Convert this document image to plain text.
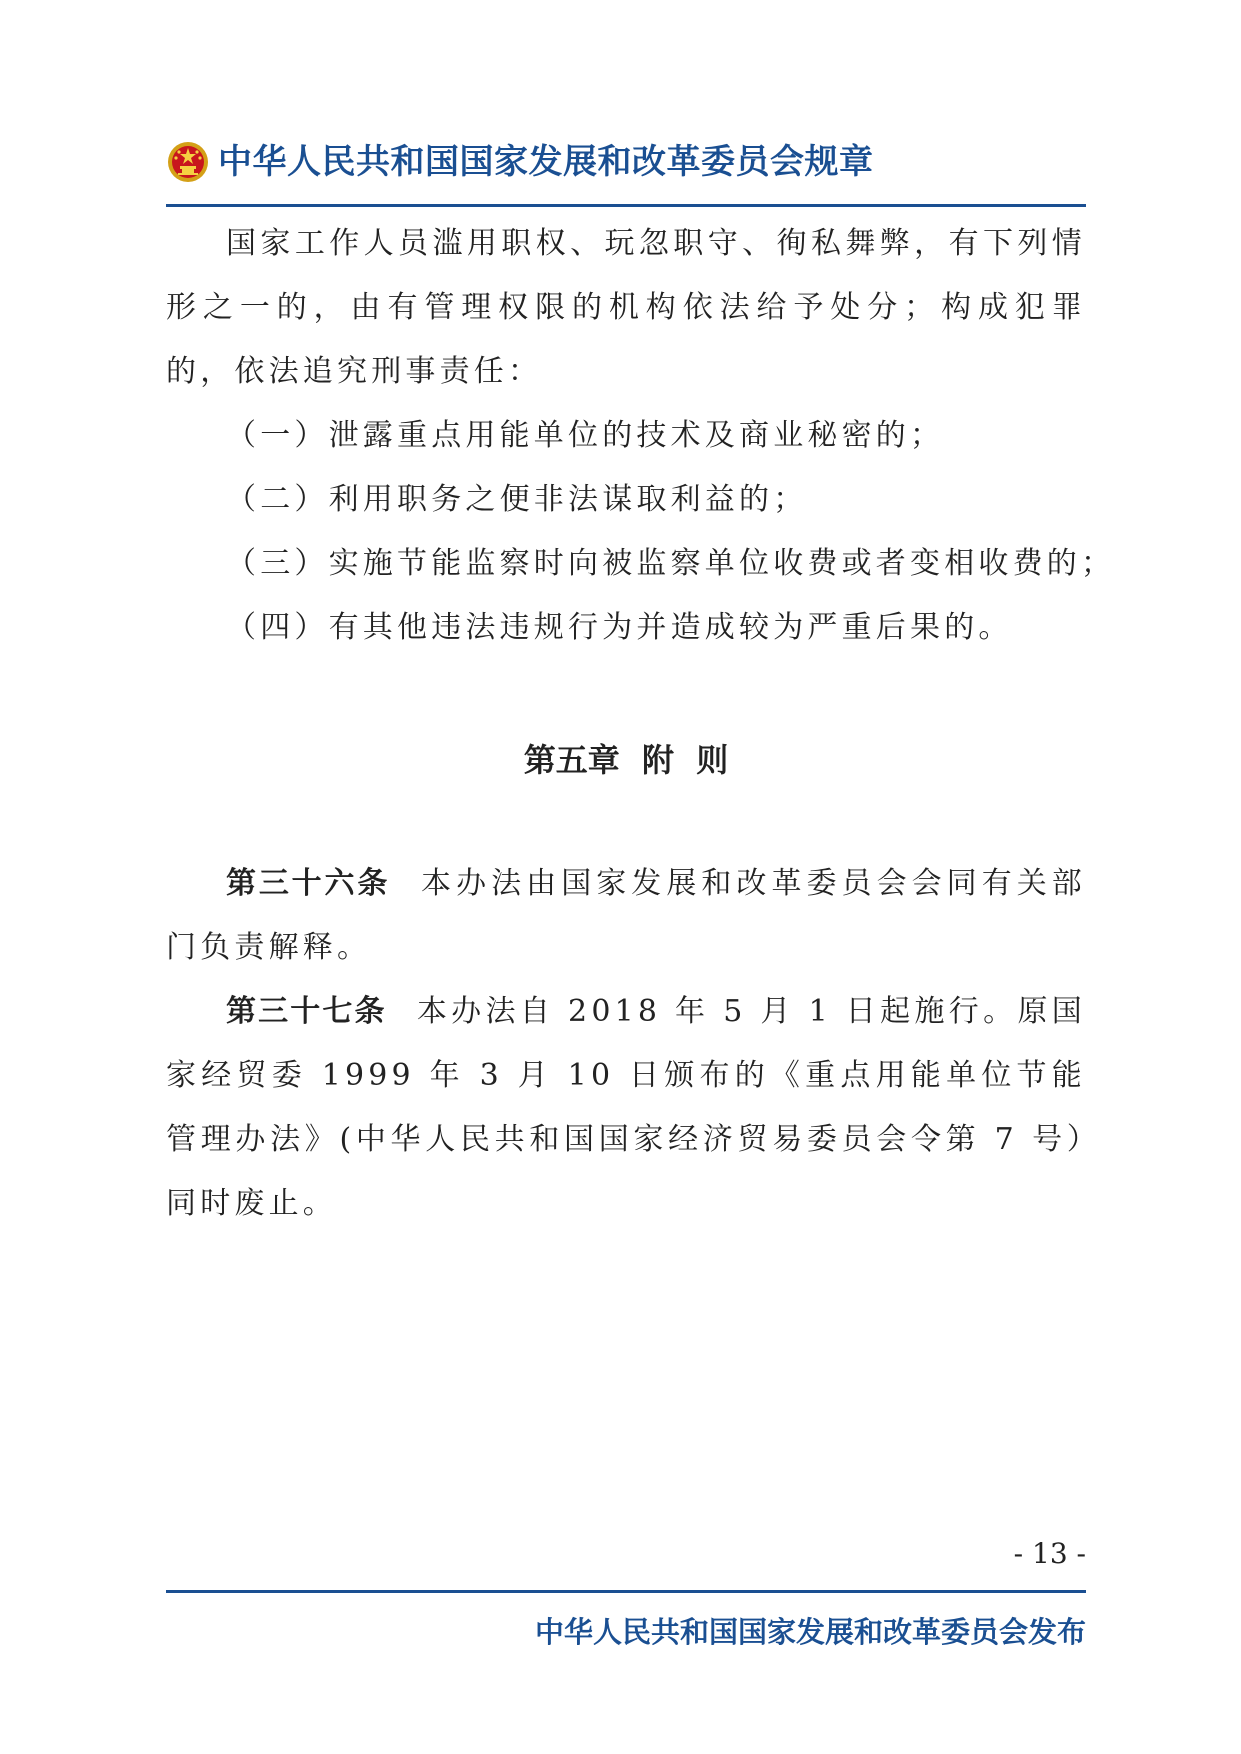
中华人民共和国国家发展和改革委员会规章

国家工作人员滥用职权、玩忽职守、徇私舞弊，有下列情形之一的，由有管理权限的机构依法给予处分；构成犯罪的，依法追究刑事责任：

（一）泄露重点用能单位的技术及商业秘密的；

（二）利用职务之便非法谋取利益的；

（三）实施节能监察时向被监察单位收费或者变相收费的；

（四）有其他违法违规行为并造成较为严重后果的。

第五章  附  则

第三十六条 本办法由国家发展和改革委员会会同有关部门负责解释。

第三十七条 本办法自 2018 年 5 月 1 日起施行。原国家经贸委 1999 年 3 月 10 日颁布的《重点用能单位节能管理办法》(中华人民共和国国家经济贸易委员会令第 7 号）同时废止。

- 13 -
中华人民共和国国家发展和改革委员会发布
